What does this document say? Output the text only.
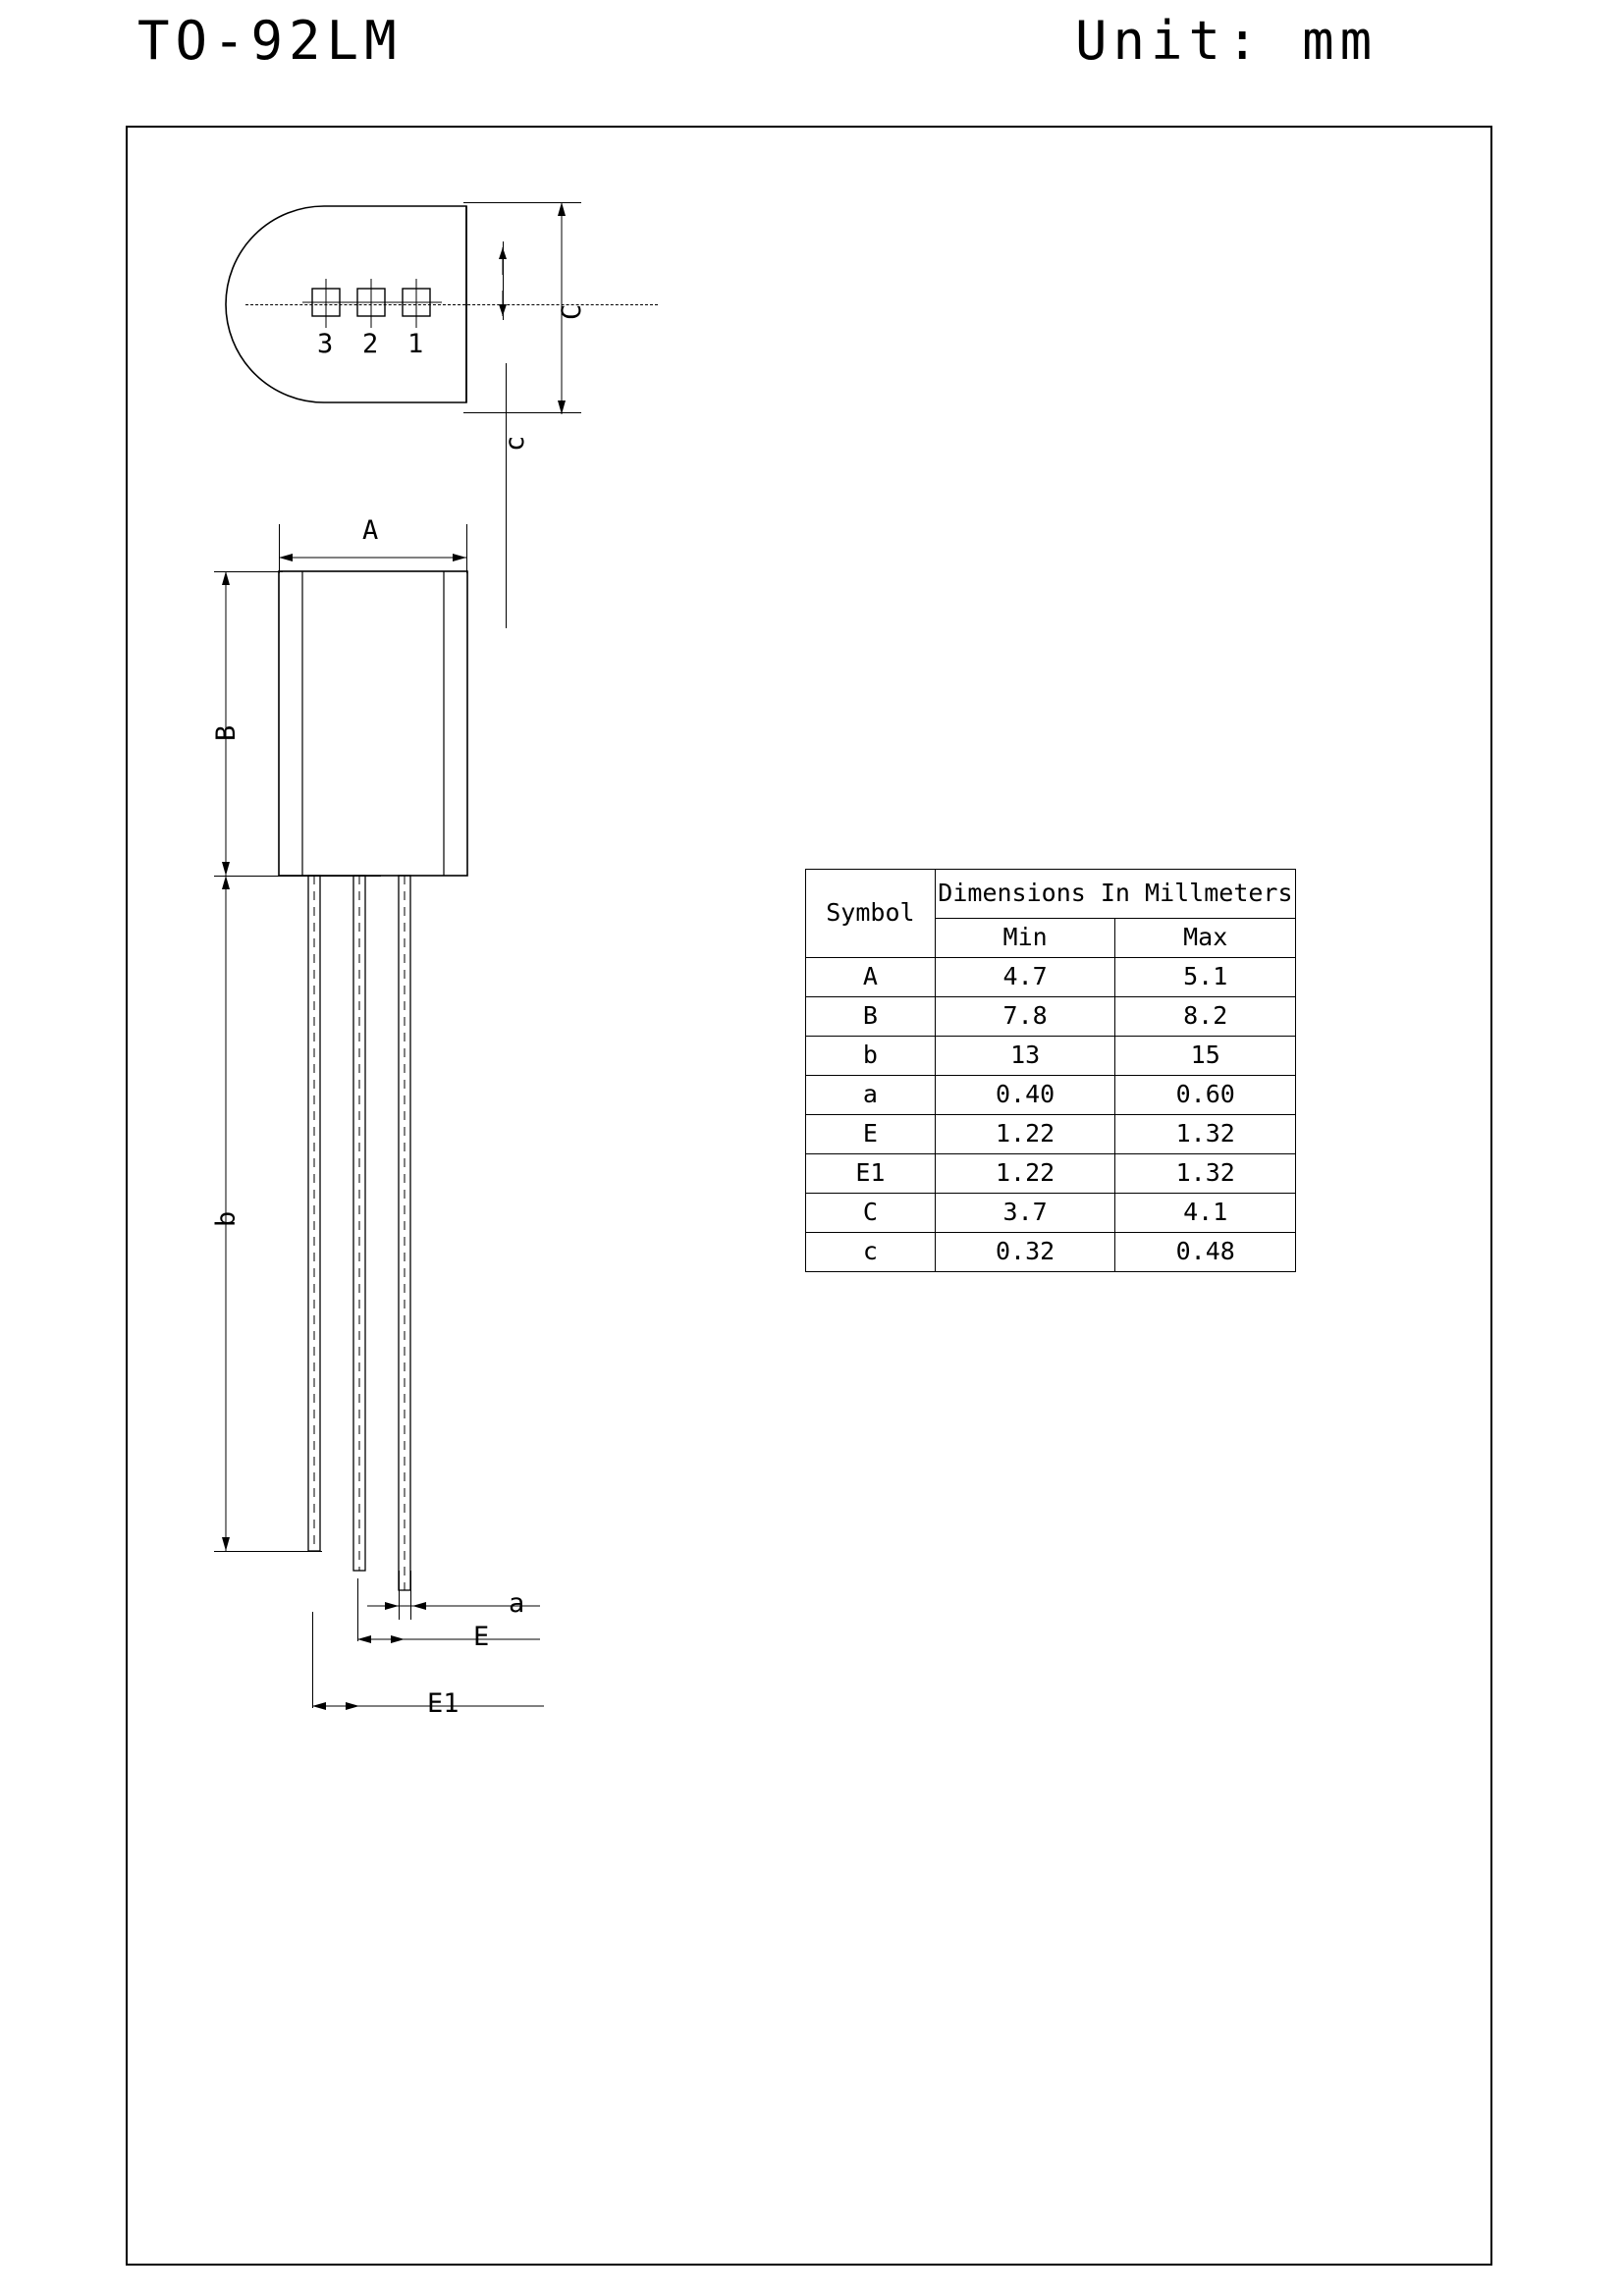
TO-92LM	Unit: mm
3 2 1
C
c
A
B
b
a
E
E1
Symbol	Dimensions In Millmeters	
	Min	Max
A	4.7	5.1
B	7.8	8.2
b	13	15
a	0.40	0.60
E	1.22	1.32
E1	1.22	1.32
C	3.7	4.1
c	0.32	0.48
